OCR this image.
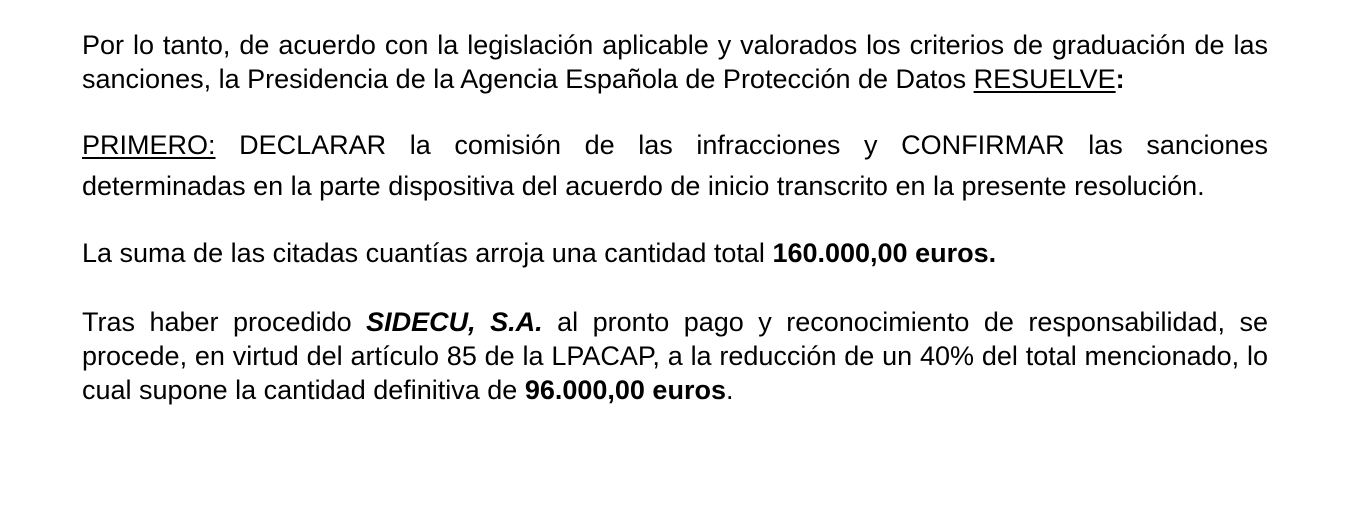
Por lo tanto, de acuerdo con la legislación aplicable y valorados los criterios de graduación de las sanciones, la Presidencia de la Agencia Española de Protección de Datos RESUELVE:

PRIMERO: DECLARAR la comisión de las infracciones y CONFIRMAR las sanciones determinadas en la parte dispositiva del acuerdo de inicio transcrito en la presente resolución.

La suma de las citadas cuantías arroja una cantidad total 160.000,00 euros.

Tras haber procedido SIDECU, S.A. al pronto pago y reconocimiento de responsabilidad, se procede, en virtud del artículo 85 de la LPACAP, a la reducción de un 40% del total mencionado, lo cual supone la cantidad definitiva de 96.000,00 euros.
